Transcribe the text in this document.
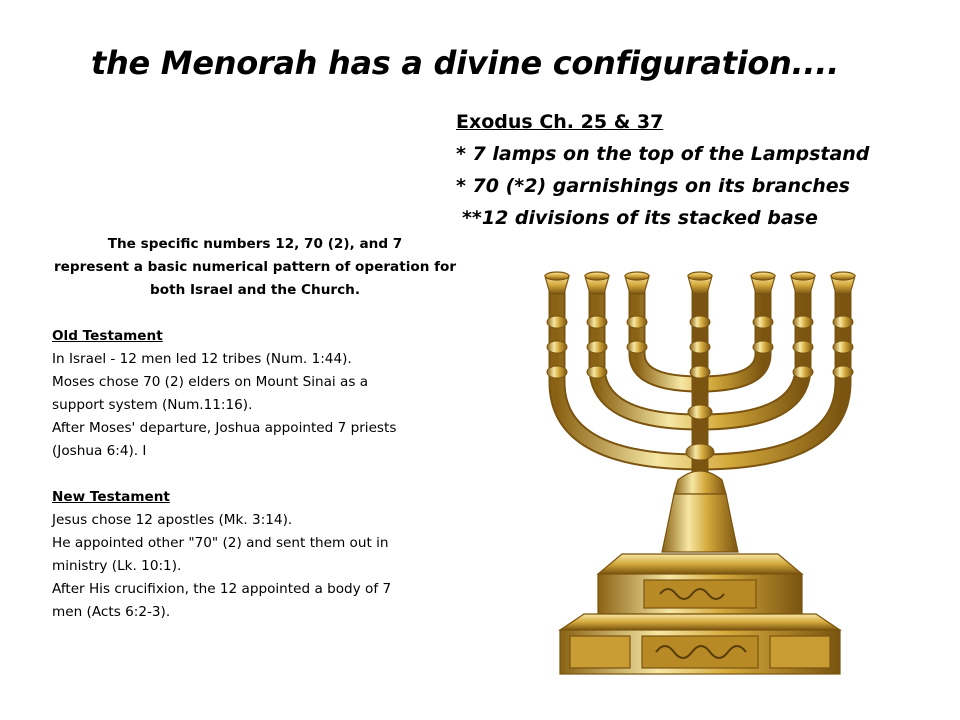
the Menorah has a divine configuration....
Exodus Ch. 25 & 37
* 7 lamps on the top of the Lampstand
* 70 (*2) garnishings on its branches
**12 divisions of its stacked base
The specific numbers 12, 70 (2), and 7
represent a basic numerical pattern of operation for
both Israel and the Church.
Old Testament
In Israel - 12 men led 12 tribes (Num. 1:44).
Moses chose 70 (2) elders on Mount Sinai as a
support system (Num.11:16).
After Moses' departure, Joshua appointed 7 priests
(Joshua 6:4). I
New Testament
Jesus chose 12 apostles (Mk. 3:14).
He appointed other "70" (2) and sent them out in
ministry (Lk. 10:1).
After His crucifixion, the 12 appointed a body of 7
men (Acts 6:2-3).
